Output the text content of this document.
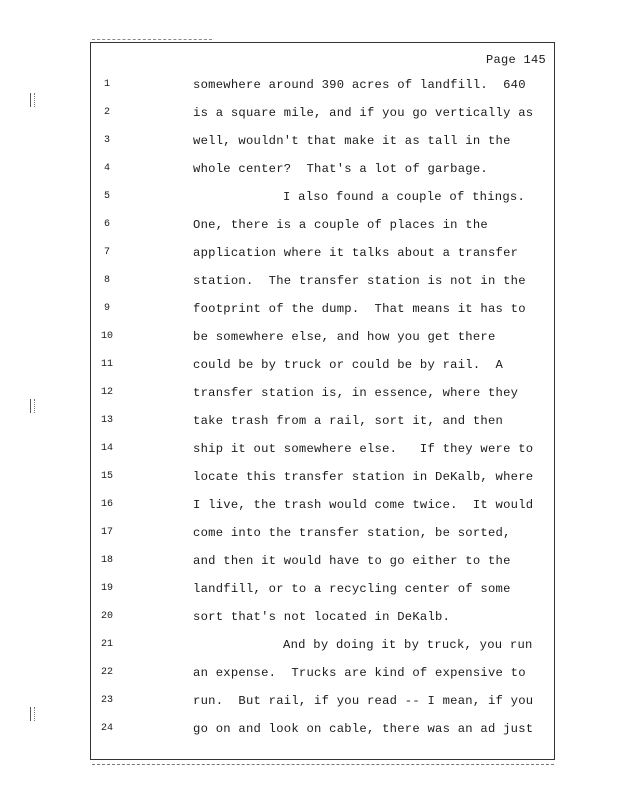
Page 145
1
2
3
4
5
6
7
8
9
10
11
12
13
14
15
16
17
18
19
20
21
22
23
24
somewhere around 390 acres of landfill.  640
is a square mile, and if you go vertically as
well, wouldn't that make it as tall in the
whole center?  That's a lot of garbage.
I also found a couple of things.
One, there is a couple of places in the
application where it talks about a transfer
station.  The transfer station is not in the
footprint of the dump.  That means it has to
be somewhere else, and how you get there
could be by truck or could be by rail.  A
transfer station is, in essence, where they
take trash from a rail, sort it, and then
ship it out somewhere else.   If they were to
locate this transfer station in DeKalb, where
I live, the trash would come twice.  It would
come into the transfer station, be sorted,
and then it would have to go either to the
landfill, or to a recycling center of some
sort that's not located in DeKalb.
And by doing it by truck, you run
an expense.  Trucks are kind of expensive to
run.  But rail, if you read -- I mean, if you
go on and look on cable, there was an ad just
